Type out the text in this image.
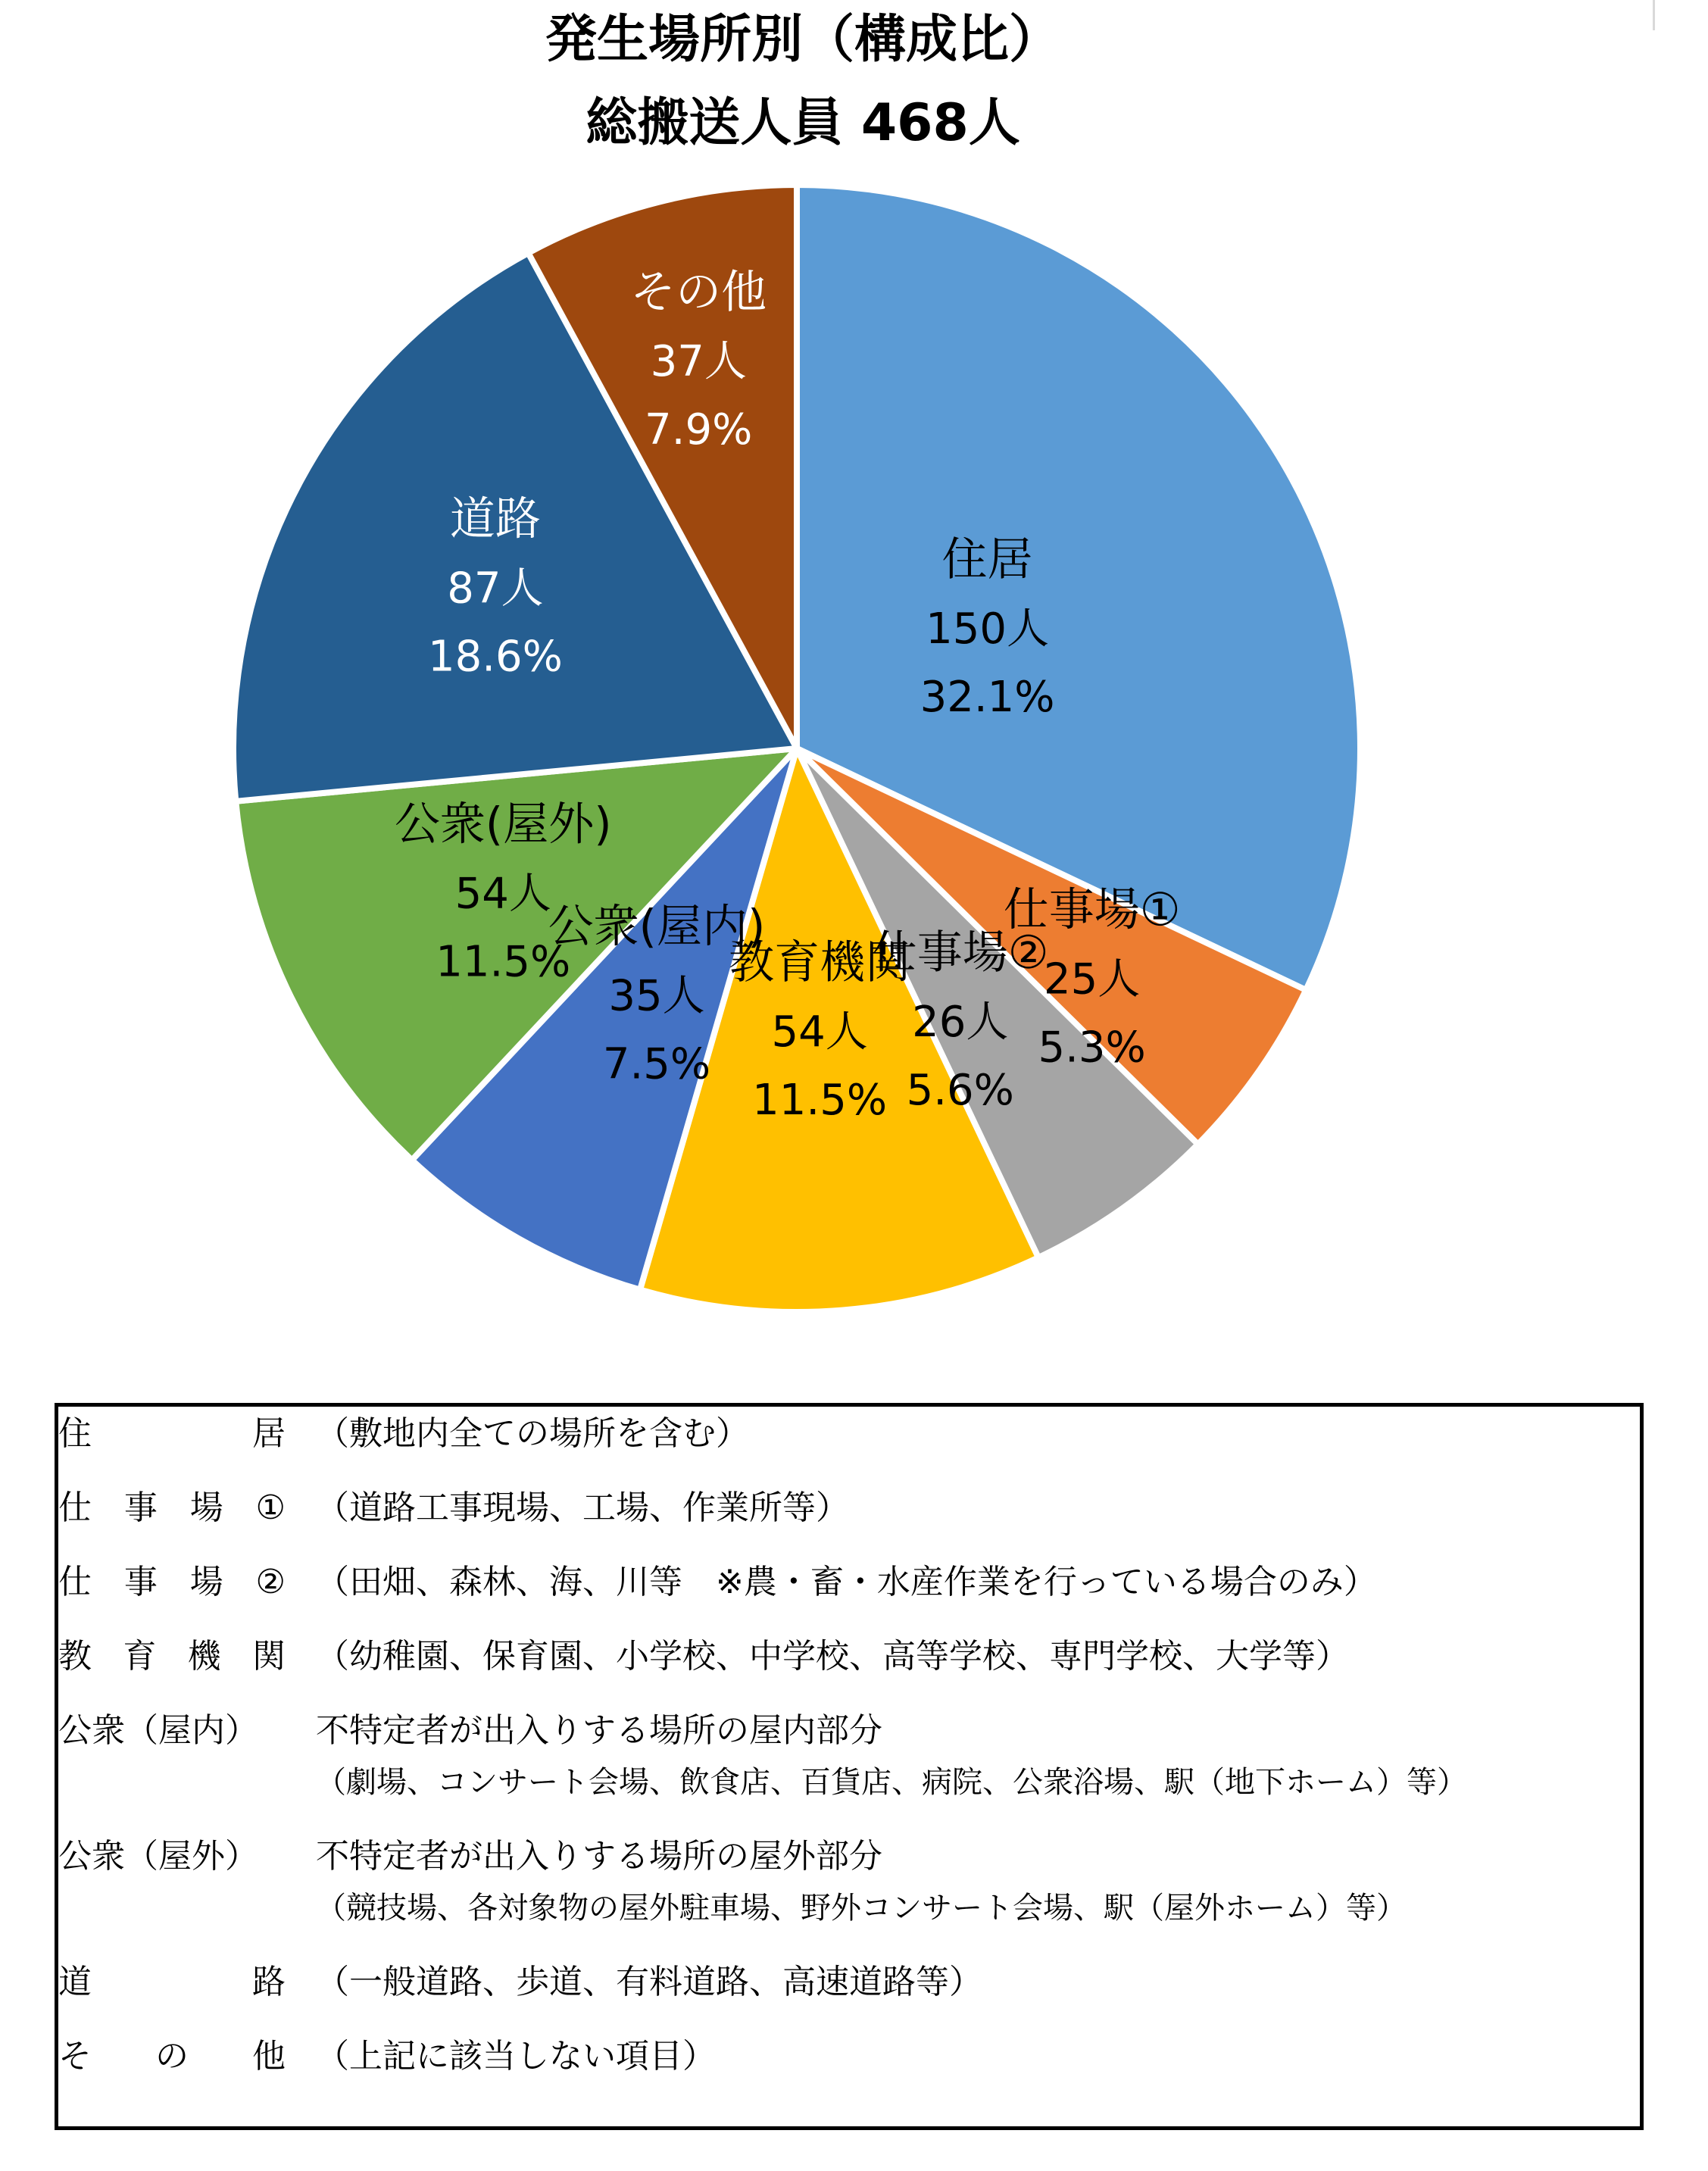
発生場所別（構成比）
総搬送人員 468人
住居
150人
32.1%
仕事場①
25人
5.3%
仕事場②
26人
5.6%
教育機関
54人
11.5%
公衆(屋内)
35人
7.5%
公衆(屋外)
54人
11.5%
道路
87人
18.6%
その他
37人
7.9%
住	居 （敷地内全ての場所を含む）
仕 事 場 ① （道路工事現場、工場、作業所等）
仕 事 場 ② （田畑、森林、海、川等　※農・畜・水産作業を行っている場合のみ）
教 育 機 関 （幼稚園、保育園、小学校、中学校、高等学校、専門学校、大学等）
公衆（屋内）	不特定者が出入りする場所の屋内部分
（劇場、コンサート会場、飲食店、百貨店、病院、公衆浴場、駅（地下ホーム）等）
公衆（屋外）	不特定者が出入りする場所の屋外部分
（競技場、各対象物の屋外駐車場、野外コンサート会場、駅（屋外ホーム）等）
道	路 （一般道路、歩道、有料道路、高速道路等）
そ の 他 （上記に該当しない項目）
